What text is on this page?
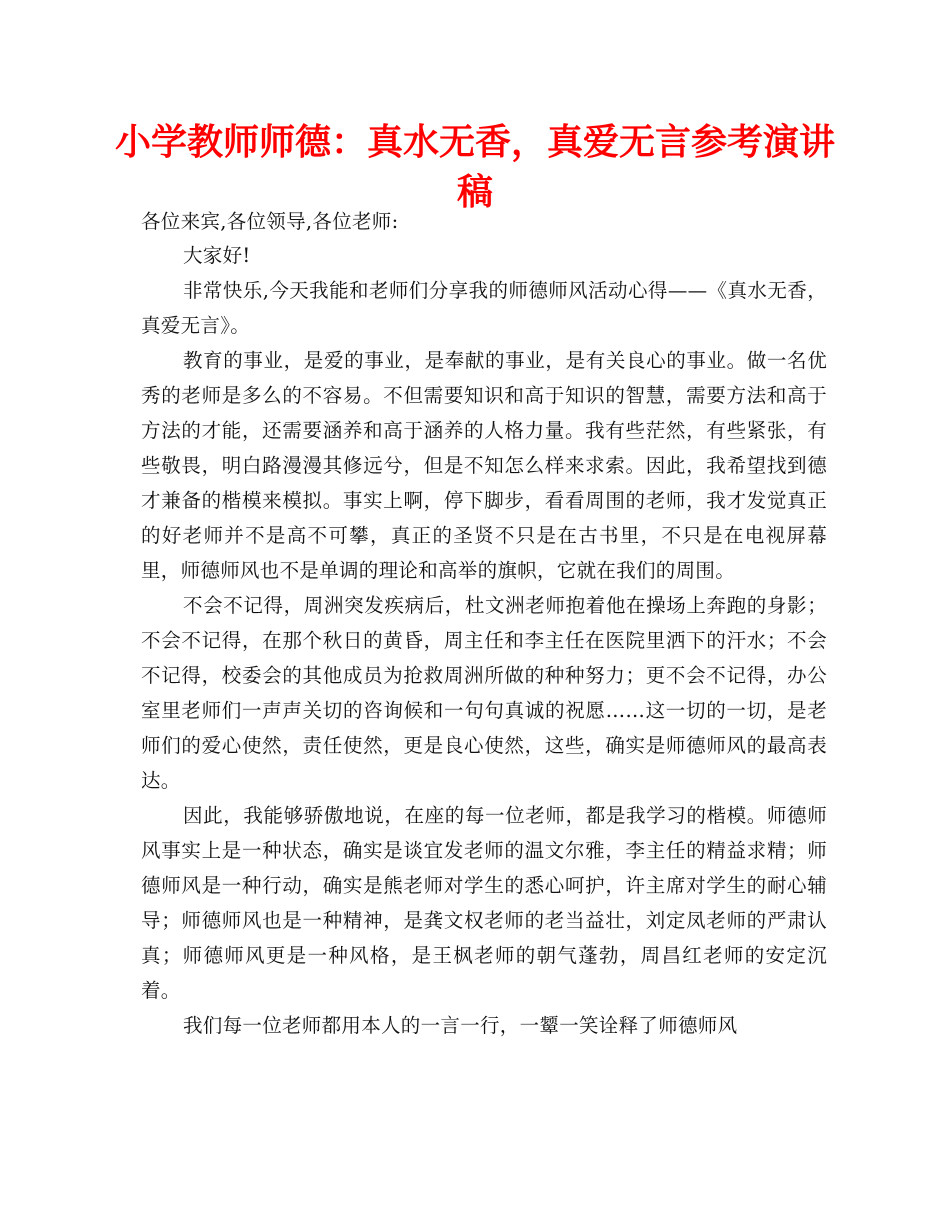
小学教师师德：真水无香，真爱无言参考演讲稿

各位来宾,各位领导,各位老师:

大家好!

非常快乐,今天我能和老师们分享我的师德师风活动心得——《真水无香，真爱无言》。

教育的事业，是爱的事业，是奉献的事业，是有关良心的事业。做一名优秀的老师是多么的不容易。不但需要知识和高于知识的智慧，需要方法和高于方法的才能，还需要涵养和高于涵养的人格力量。我有些茫然，有些紧张，有些敬畏，明白路漫漫其修远兮，但是不知怎么样来求索。因此，我希望找到德才兼备的楷模来模拟。事实上啊，停下脚步，看看周围的老师，我才发觉真正的好老师并不是高不可攀，真正的圣贤不只是在古书里，不只是在电视屏幕里，师德师风也不是单调的理论和高举的旗帜，它就在我们的周围。

不会不记得，周洲突发疾病后，杜文洲老师抱着他在操场上奔跑的身影；不会不记得，在那个秋日的黄昏，周主任和李主任在医院里洒下的汗水；不会不记得，校委会的其他成员为抢救周洲所做的种种努力；更不会不记得，办公室里老师们一声声关切的咨询候和一句句真诚的祝愿……这一切的一切，是老师们的爱心使然，责任使然，更是良心使然，这些，确实是师德师风的最高表达。

因此，我能够骄傲地说，在座的每一位老师，都是我学习的楷模。师德师风事实上是一种状态，确实是谈宜发老师的温文尔雅，李主任的精益求精；师德师风是一种行动，确实是熊老师对学生的悉心呵护，许主席对学生的耐心辅导；师德师风也是一种精神，是龚文权老师的老当益壮，刘定凤老师的严肃认真；师德师风更是一种风格，是王枫老师的朝气蓬勃，周昌红老师的安定沉着。

我们每一位老师都用本人的一言一行，一颦一笑诠释了师德师风
